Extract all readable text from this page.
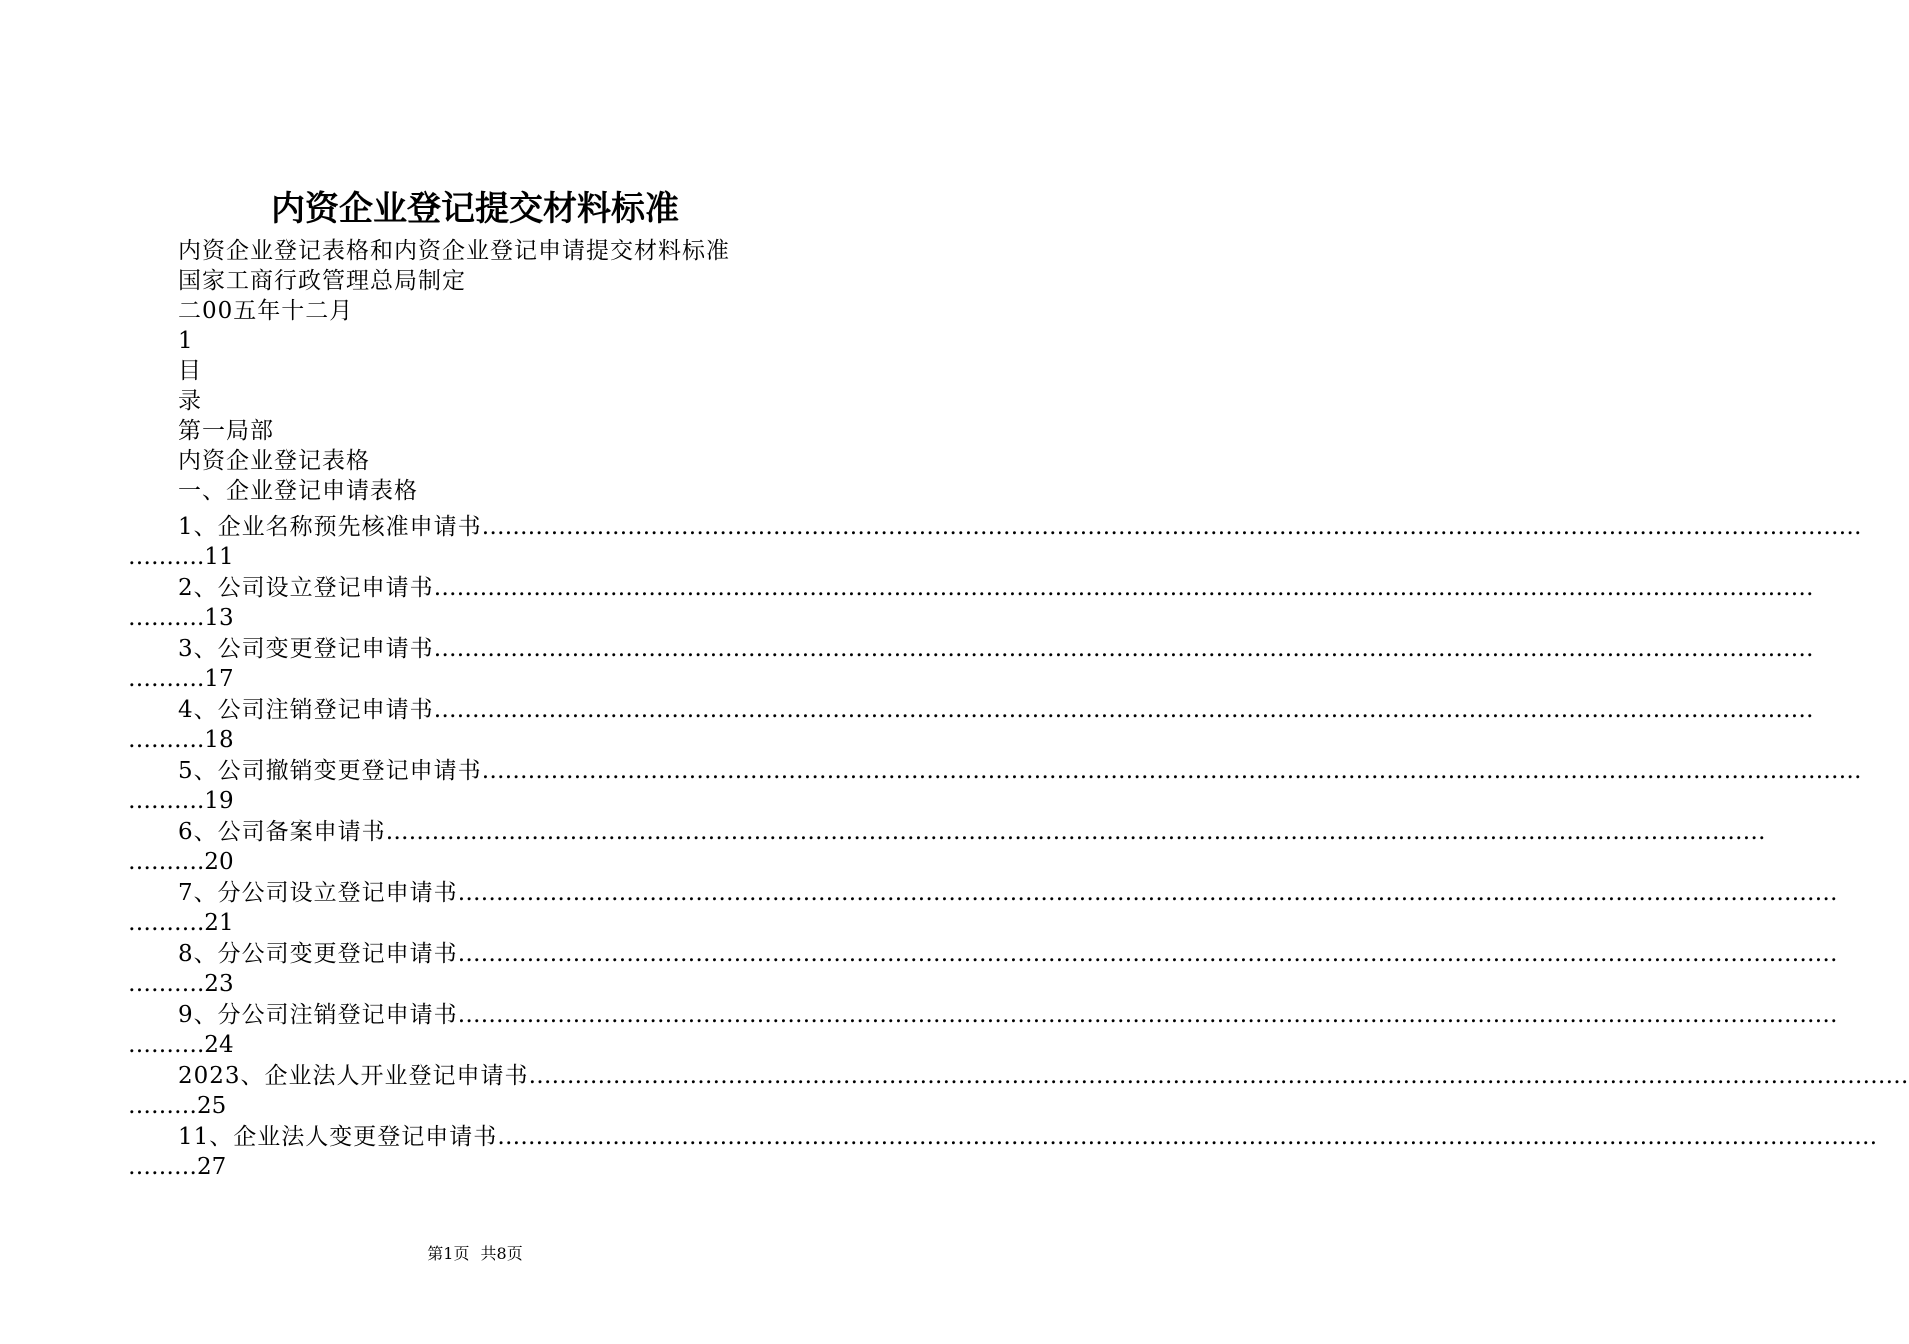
内资企业登记提交材料标准
内资企业登记表格和内资企业登记申请提交材料标准
国家工商行政管理总局制定
二00五年十二月
1
目
录
第一局部
内资企业登记表格
一、企业登记申请表格
1、企业名称预先核准申请书 ………………………………………………………………………………………………………………………………………………………………
……….11
2、公司设立登记申请书 ………………………………………………………………………………………………………………………………………………………………
……….13
3、公司变更登记申请书 ………………………………………………………………………………………………………………………………………………………………
……….17
4、公司注销登记申请书 ………………………………………………………………………………………………………………………………………………………………
……….18
5、公司撤销变更登记申请书 ………………………………………………………………………………………………………………………………………………………………
……….19
6、公司备案申请书 ………………………………………………………………………………………………………………………………………………………………
……….20
7、分公司设立登记申请书 ………………………………………………………………………………………………………………………………………………………………
……….21
8、分公司变更登记申请书 ………………………………………………………………………………………………………………………………………………………………
……….23
9、分公司注销登记申请书 ………………………………………………………………………………………………………………………………………………………………
……….24
2023、企业法人开业登记申请书 ………………………………………………………………………………………………………………………………………………………………
………25
11、企业法人变更登记申请书 ………………………………………………………………………………………………………………………………………………………………
………27
第1页 共8页
